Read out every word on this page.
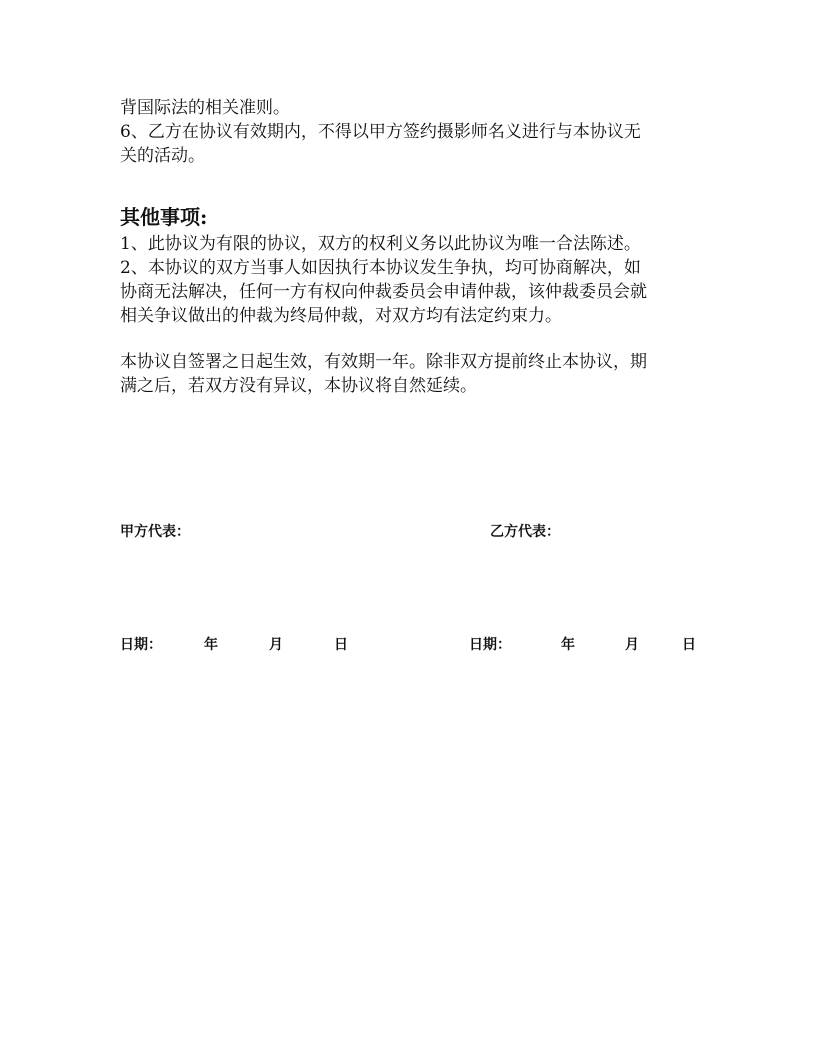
背国际法的相关准则。
6、乙方在协议有效期内，不得以甲方签约摄影师名义进行与本协议无
关的活动。
其他事项:
1、此协议为有限的协议，双方的权利义务以此协议为唯一合法陈述。
2、本协议的双方当事人如因执行本协议发生争执，均可协商解决，如
协商无法解决，任何一方有权向仲裁委员会申请仲裁，该仲裁委员会就
相关争议做出的仲裁为终局仲裁，对双方均有法定约束力。
本协议自签署之日起生效，有效期一年。除非双方提前终止本协议，期
满之后，若双方没有异议，本协议将自然延续。
甲方代表：	乙方代表：
日期：	年	月	日	日期：	年	月	日
